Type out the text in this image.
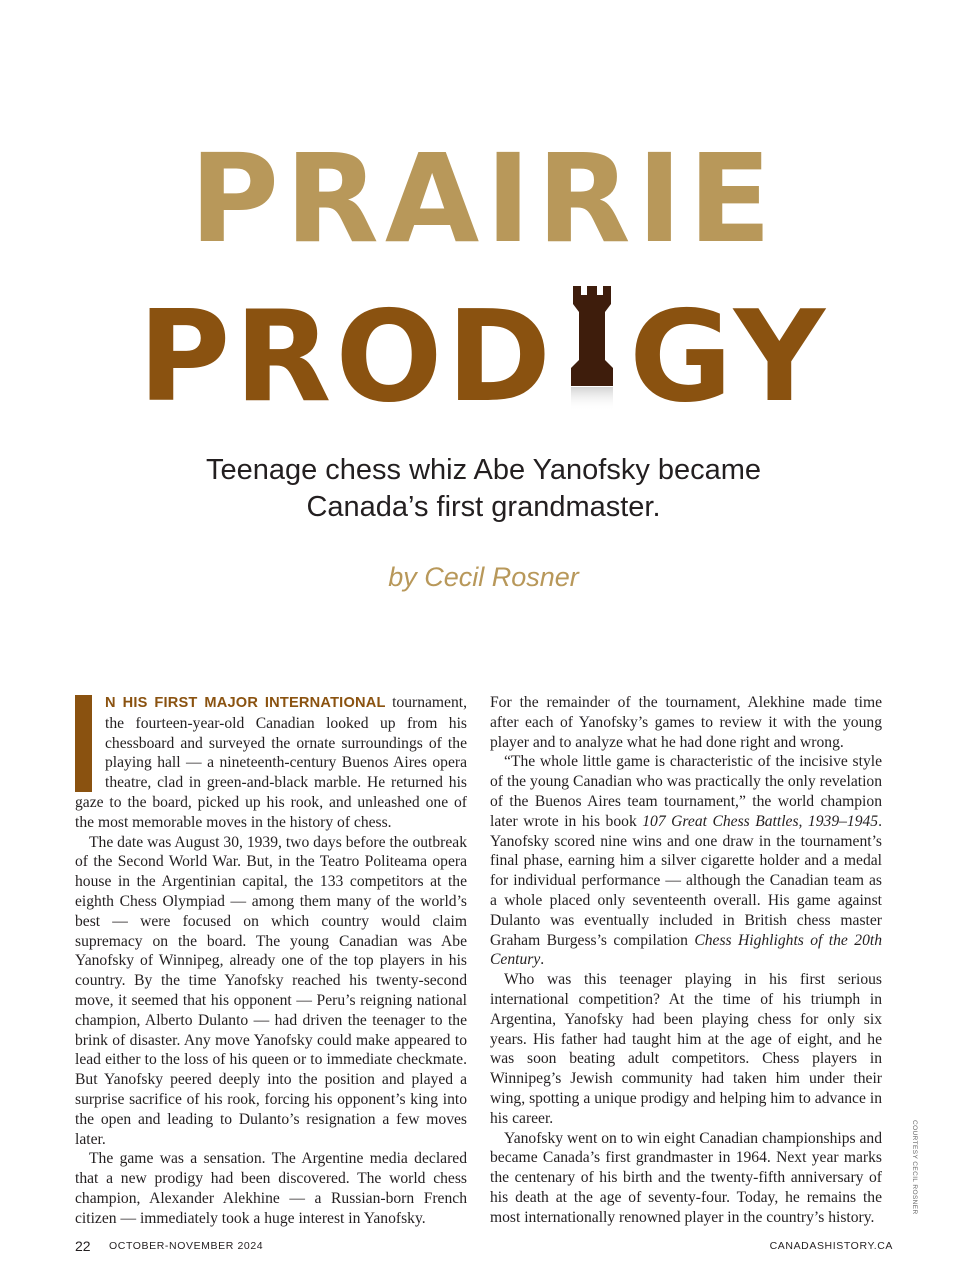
PRAIRIE
PROD GY
Teenage chess whiz Abe Yanofsky became Canada’s first grandmaster.
by Cecil Rosner

N HIS FIRST MAJOR INTERNATIONAL tournament, the fourteen-year-old Canadian looked up from his chessboard and surveyed the ornate surroundings of the playing hall — a nineteenth-century Buenos Aires opera theatre, clad in green-and-black marble. He returned his gaze to the board, picked up his rook, and unleashed one of the most memorable moves in the history of chess.

The date was August 30, 1939, two days before the outbreak of the Second World War. But, in the Teatro Politeama opera house in the Argentinian capital, the 133 competitors at the eighth Chess Olympiad — among them many of the world’s best — were focused on which country would claim supremacy on the board. The young Canadian was Abe Yanofsky of Winnipeg, already one of the top players in his country. By the time Yanofsky reached his twenty-second move, it seemed that his opponent — Peru’s reigning national champion, Alberto Dulanto — had driven the teenager to the brink of disaster. Any move Yanofsky could make appeared to lead either to the loss of his queen or to immediate checkmate. But Yanofsky peered deeply into the position and played a surprise sacrifice of his rook, forcing his opponent’s king into the open and leading to Dulanto’s resignation a few moves later.

The game was a sensation. The Argentine media declared that a new prodigy had been discovered. The world chess champion, Alexander Alekhine — a Russian-born French citizen — immediately took a huge interest in Yanofsky.

For the remainder of the tournament, Alekhine made time after each of Yanofsky’s games to review it with the young player and to analyze what he had done right and wrong.

“The whole little game is characteristic of the incisive style of the young Canadian who was practically the only revelation of the Buenos Aires team tournament,” the world champion later wrote in his book 107 Great Chess Battles, 1939–1945. Yanofsky scored nine wins and one draw in the tournament’s final phase, earning him a silver cigarette holder and a medal for individual performance — although the Canadian team as a whole placed only seventeenth overall. His game against Dulanto was eventually included in British chess master Graham Burgess’s compilation Chess Highlights of the 20th Century.

Who was this teenager playing in his first serious international competition? At the time of his triumph in Argentina, Yanofsky had been playing chess for only six years. His father had taught him at the age of eight, and he was soon beating adult competitors. Chess players in Winnipeg’s Jewish community had taken him under their wing, spotting a unique prodigy and helping him to advance in his career.

Yanofsky went on to win eight Canadian championships and became Canada’s first grandmaster in 1964. Next year marks the centenary of his birth and the twenty-fifth anniversary of his death at the age of seventy-four. Today, he remains the most internationally renowned player in the country’s history.

COURTESY CECIL ROSNER
22 OCTOBER-NOVEMBER 2024	CANADASHISTORY.CA
